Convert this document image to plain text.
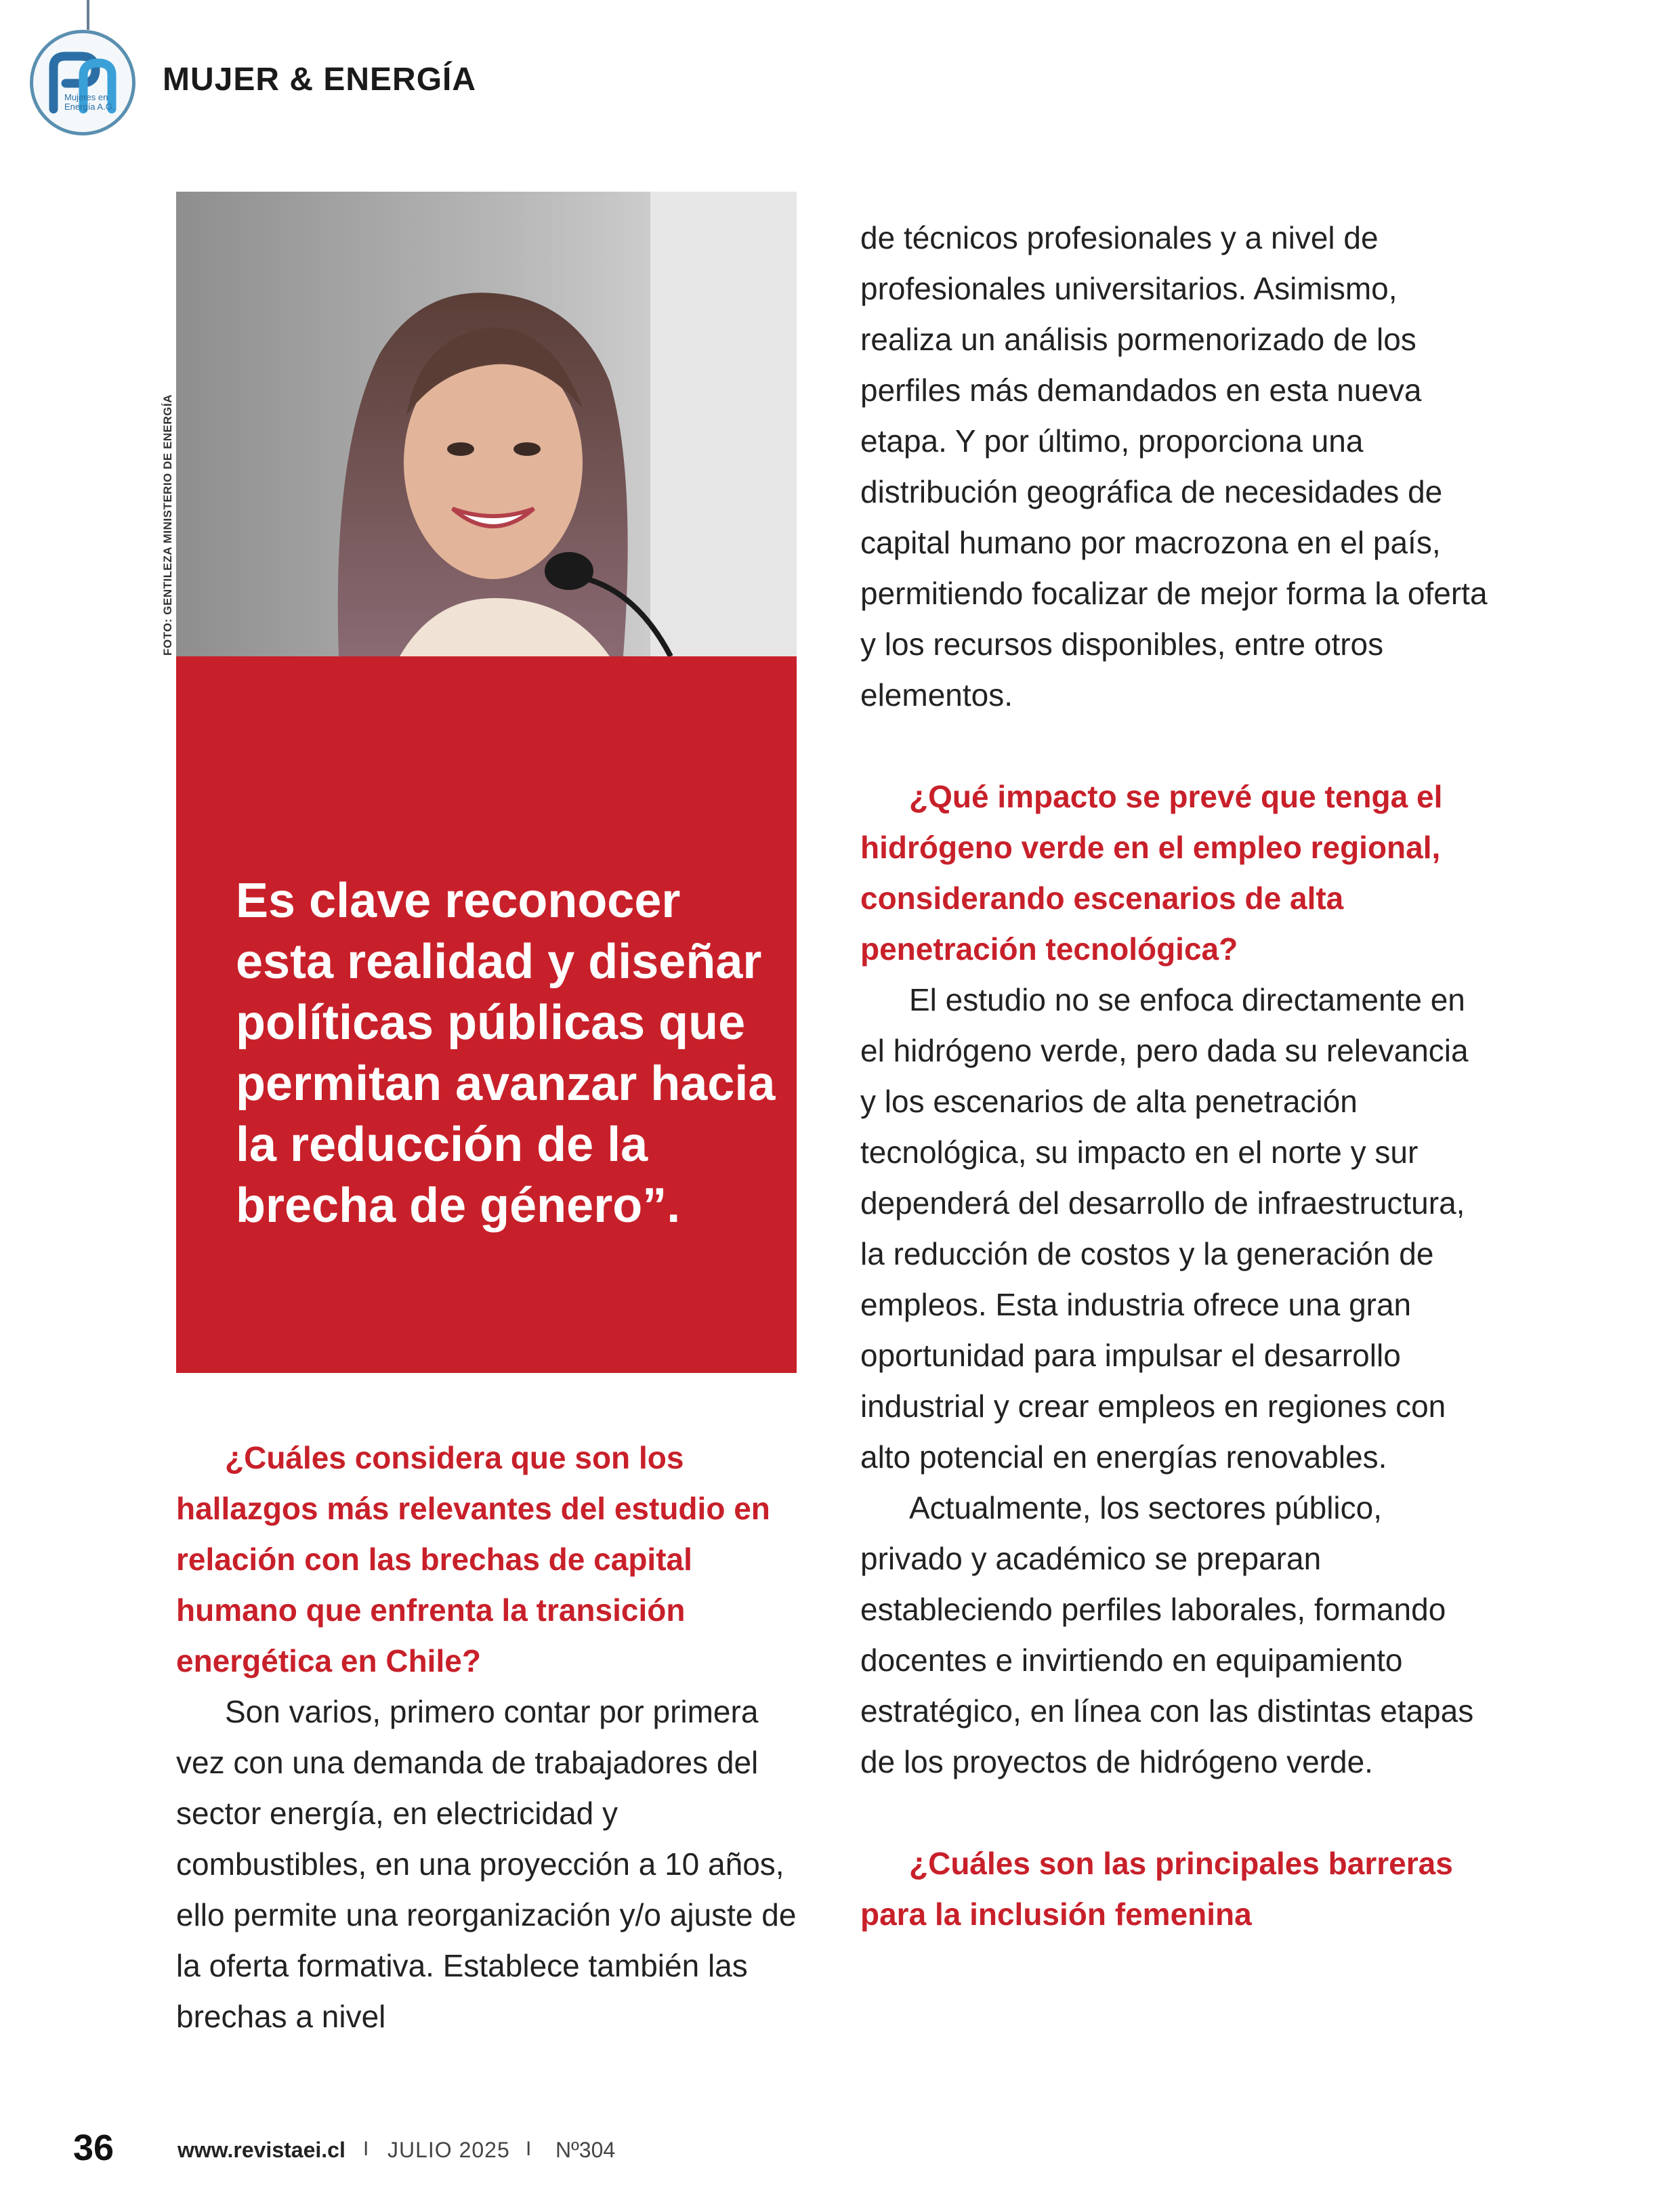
Mujeres en Energía A.G.
MUJER & ENERGÍA
FOTO: GENTILEZA MINISTERIO DE ENERGÍA

Es clave reconocer esta realidad y diseñar políticas públicas que permitan avanzar hacia la reducción de la brecha de género”.

¿Cuáles considera que son los hallazgos más relevantes del estudio en relación con las brechas de capital humano que enfrenta la transición energética en Chile?

Son varios, primero contar por primera vez con una demanda de trabajadores del sector energía, en electricidad y combustibles, en una proyección a 10 años, ello permite una reorganización y/o ajuste de la oferta formativa. Establece también las brechas a nivel

de técnicos profesionales y a nivel de profesionales universitarios. Asimismo, realiza un análisis pormenorizado de los perfiles más demandados en esta nueva etapa. Y por último, proporciona una distribución geográfica de necesidades de capital humano por macrozona en el país, permitiendo focalizar de mejor forma la oferta y los recursos disponibles, entre otros elementos.

¿Qué impacto se prevé que tenga el hidrógeno verde en el empleo regional, considerando escenarios de alta penetración tecnológica?

El estudio no se enfoca directamente en el hidrógeno verde, pero dada su relevancia y los escenarios de alta penetración tecnológica, su impacto en el norte y sur dependerá del desarrollo de infraestructura, la reducción de costos y la generación de empleos. Esta industria ofrece una gran oportunidad para impulsar el desarrollo industrial y crear empleos en regiones con alto potencial en energías renovables.

Actualmente, los sectores público, privado y académico se preparan estableciendo perfiles laborales, formando docentes e invirtiendo en equipamiento estratégico, en línea con las distintas etapas de los proyectos de hidrógeno verde.

¿Cuáles son las principales barreras para la inclusión femenina

36	www.revistaei.cl I JULIO 2025 I Nº304
